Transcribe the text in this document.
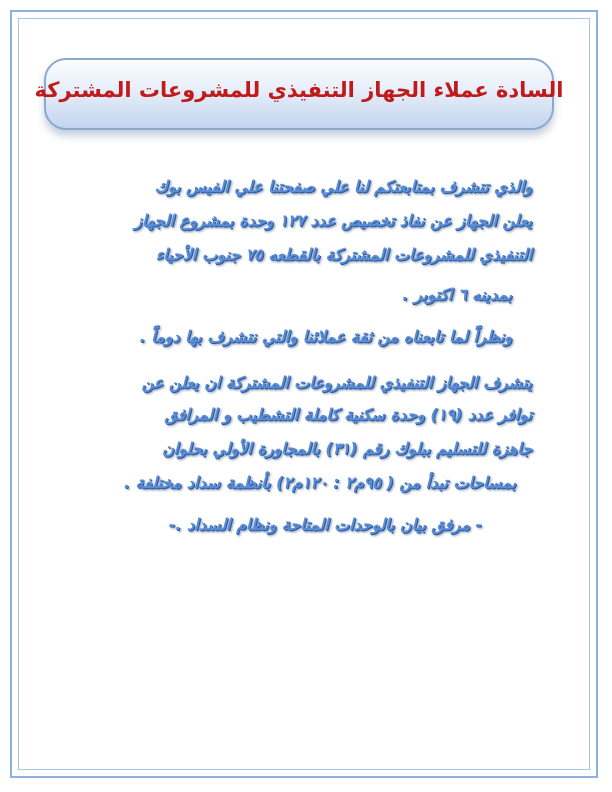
السادة عملاء الجهاز التنفيذي للمشروعات المشتركة
والذي تتشرف بمتابعتكم لنا علي صفحتنا علي الفيس بوك
يعلن الجهاز عن نفاذ تخصيص عدد ١٢٧ وحدة بمشروع الجهاز
التنفيذي للمشروعات المشتركة بالقطعه ٧٥ جنوب الأحياء
بمدينه ٦ اكتوبر .
ونظراً لما تابعناه من ثقة عملائنا والتي نتشرف بها دوماً .
يتشرف الجهاز التنفيذي للمشروعات المشتركة ان يعلن عن
توافر عدد (١٩) وحدة سكنية كاملة التشطيب و المرافق
جاهزة للتسليم ببلوك رقم (٣١) بالمجاورة الأولي بحلوان
بمساحات تبدأ من ( ٩٥م٢ : ١٢٠م٢) بأنظمة سداد مختلفة .
- مرفق بيان بالوحدات المتاحة ونظام السداد .-
